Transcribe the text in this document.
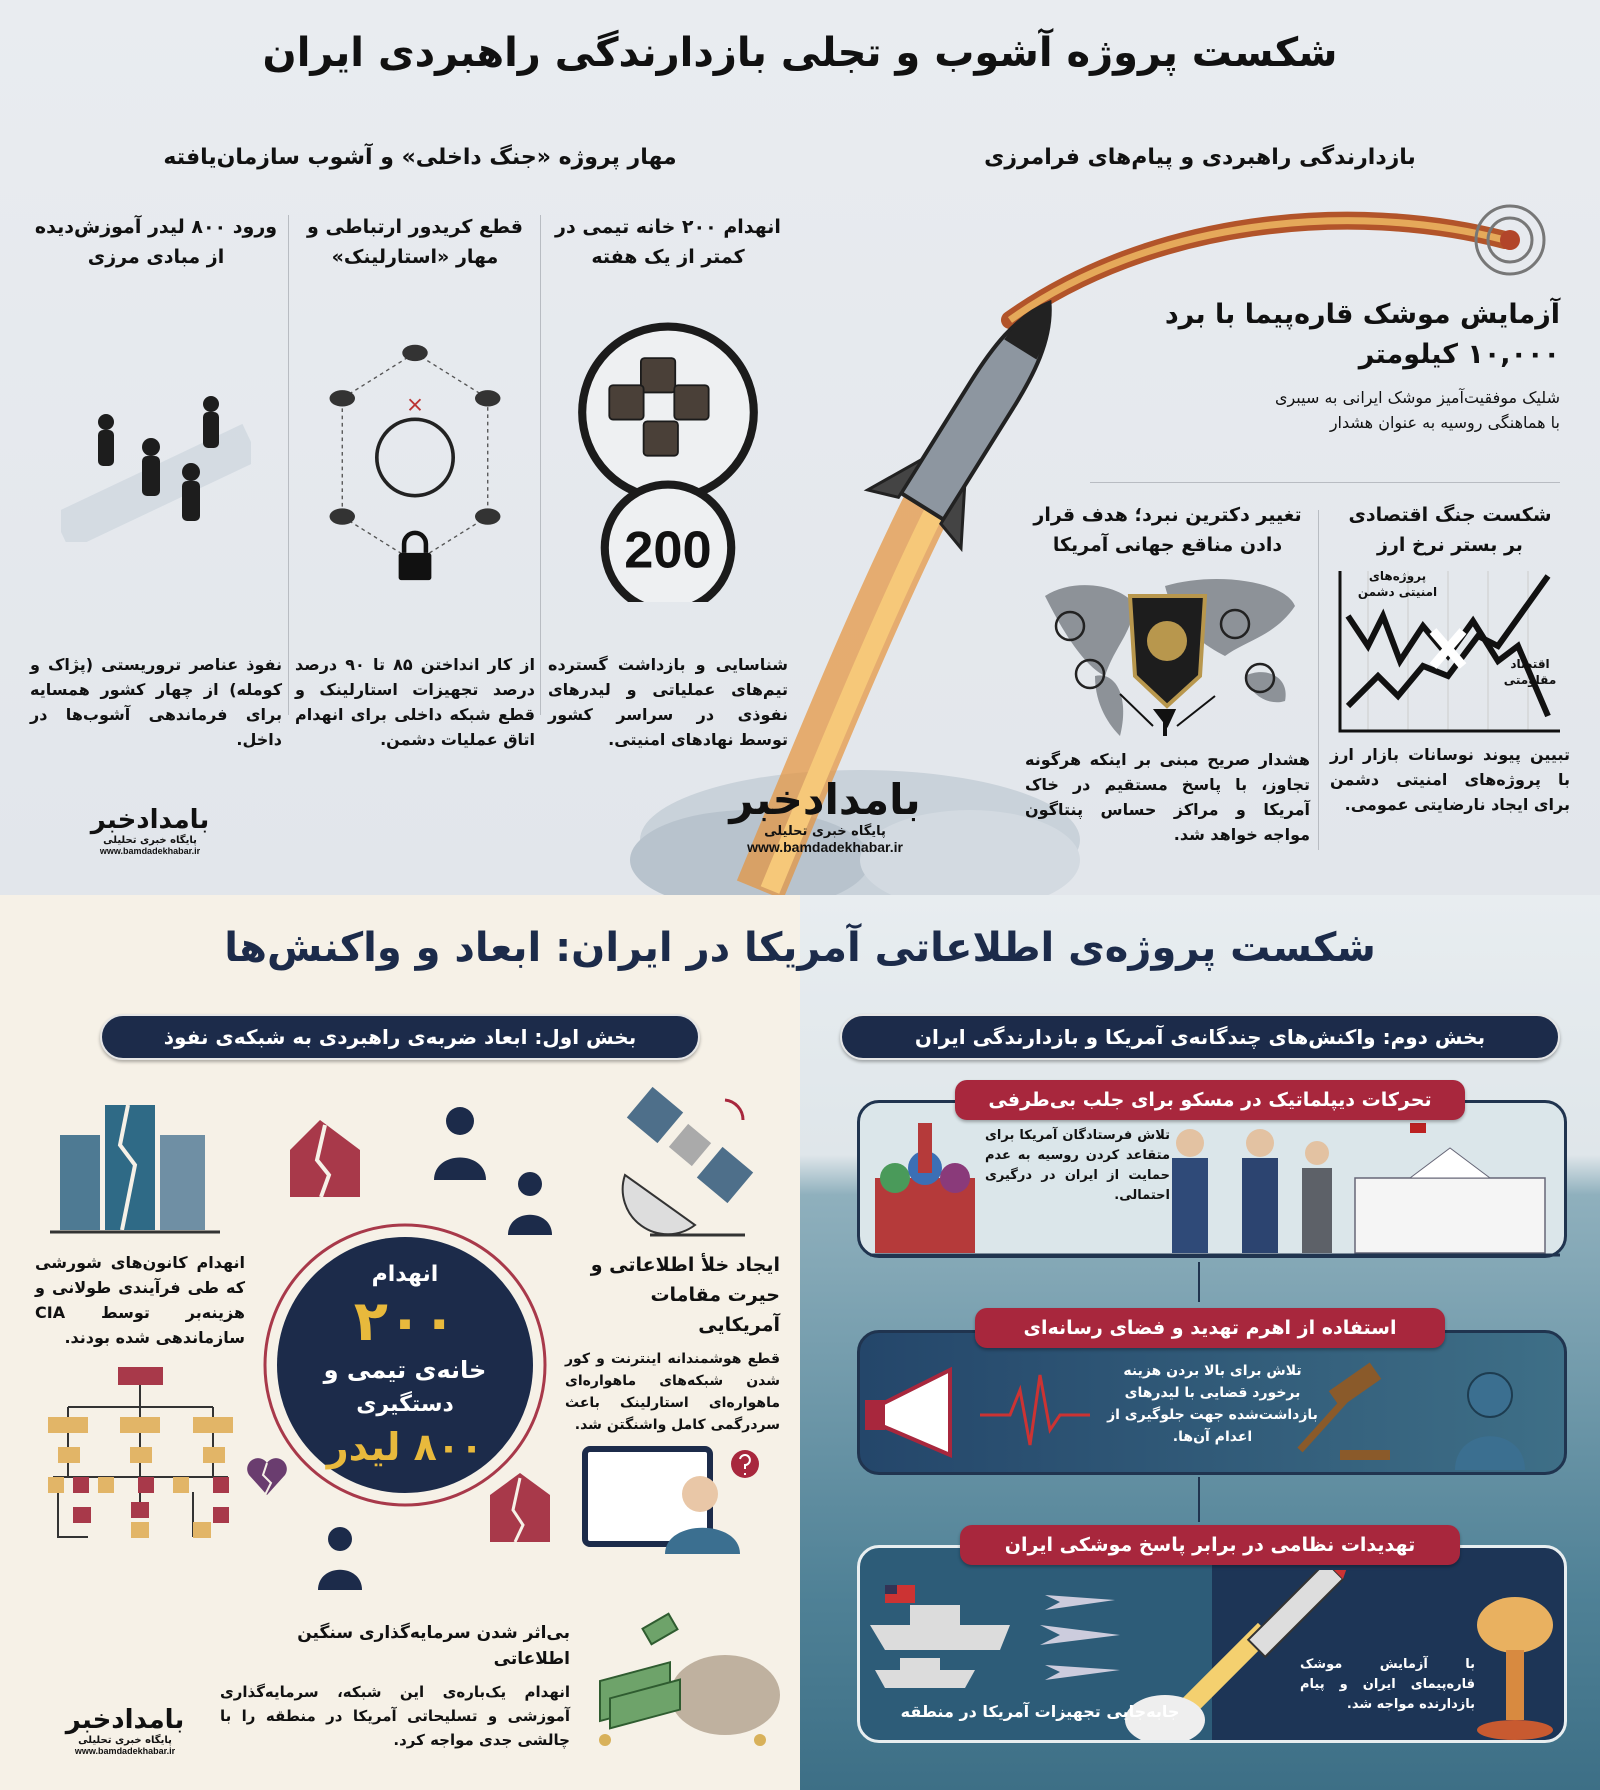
شکست پروژه آشوب و تجلی بازدارندگی راهبردی ایران
مهار پروژه «جنگ داخلی» و آشوب سازمان‌یافته	بازدارندگی راهبردی و پیام‌های فرامرزی
انهدام ۲۰۰ خانه تیمی در
کمتر از یک هفته
200
شناسایی و بازداشت گسترده تیم‌های عملیاتی و لیدرهای نفوذی در سراسر کشور توسط نهادهای امنیتی.
قطع کریدور ارتباطی و
مهار «استارلینک»
از کار انداختن ۸۵ تا ۹۰ درصد درصد تجهیزات استارلینک و قطع شبکه داخلی برای انهدام اتاق عملیات دشمن.
ورود ۸۰۰ لیدر آموزش‌دیده
از مبادی مرزی
نفوذ عناصر تروریستی (پژاک و کومله) از چهار کشور همسایه برای فرماندهی آشوب‌ها در داخل.
بامدادخبر
پایگاه خبری تحلیلی
www.bamdadekhabar.ir
آزمایش موشک قاره‌پیما با برد
۱۰,۰۰۰ کیلومتر
شلیک موفقیت‌آمیز موشک ایرانی به سیبری
با هماهنگی روسیه به عنوان هشدار
تغییر دکترین نبرد؛ هدف قرار
دادن مناقع جهانی آمریکا
هشدار صریح مبنی بر اینکه هرگونه تجاوز، با پاسخ مستقیم در خاک آمریکا و مراکز حساس پنتاگون مواجه خواهد شد.
شکست جنگ اقتصادی
بر بستر نرخ ارز
پروژه‌های
امنیتی دشمن
اقتصاد
مقاومتی
تبیین پیوند نوسانات بازار ارز با پروژه‌های امنیتی دشمن برای ایجاد نارضایتی عمومی.
بامدادخبر
پایگاه خبری تحلیلی
www.bamdadekhabar.ir
شکست پروژه‌ی اطلاعاتی آمریکا در ایران: ابعاد و واکنش‌ها
بخش اول: ابعاد ضربه‌ی راهبردی به شبکه‌ی نفوذ	بخش دوم: واکنش‌های چندگانه‌ی آمریکا و بازدارندگی ایران
انهدام
۲۰۰
خانه‌ی تیمی و
دستگیری
۸۰۰ لیدر
ایجاد خلأ اطلاعاتی و
حیرت مقامات آمریکایی
قطع هوشمندانه اینترنت و کور شدن شبکه‌های ماهواره‌ای ماهواره‌ای استارلینک باعث سردرگمی کامل واشنگتن شد.
انهدام کانون‌های شورشی که طی فرآیندی طولانی و هزینه‌بر توسط CIA سازماندهی شده بودند.
بی‌اثر شدن سرمایه‌گذاری سنگین اطلاعاتی
انهدام یک‌باره‌ی این شبکه، سرمایه‌گذاری آموزشی و تسلیحاتی آمریکا در منطقه را با چالشی جدی مواجه کرد.
بامدادخبر
پایگاه خبری تحلیلی
www.bamdadekhabar.ir
تحرکات دیپلماتیک در مسکو برای جلب بی‌طرفی
تلاش فرستادگان آمریکا برای متقاعد کردن روسیه به عدم حمایت از ایران در درگیری احتمالی.
استفاده از اهرم تهدید و فضای رسانه‌ای
تلاش برای بالا بردن هزینه برخورد قضایی با لیدرهای بازداشت‌شده جهت جلوگیری از اعدام آن‌ها.
تهدیدات نظامی در برابر پاسخ موشکی ایران
جابه‌جایی تجهیزات آمریکا در منطقه
با آزمایش موشک قاره‌پیمای ایران و پیام بازدارنده مواجه شد.
